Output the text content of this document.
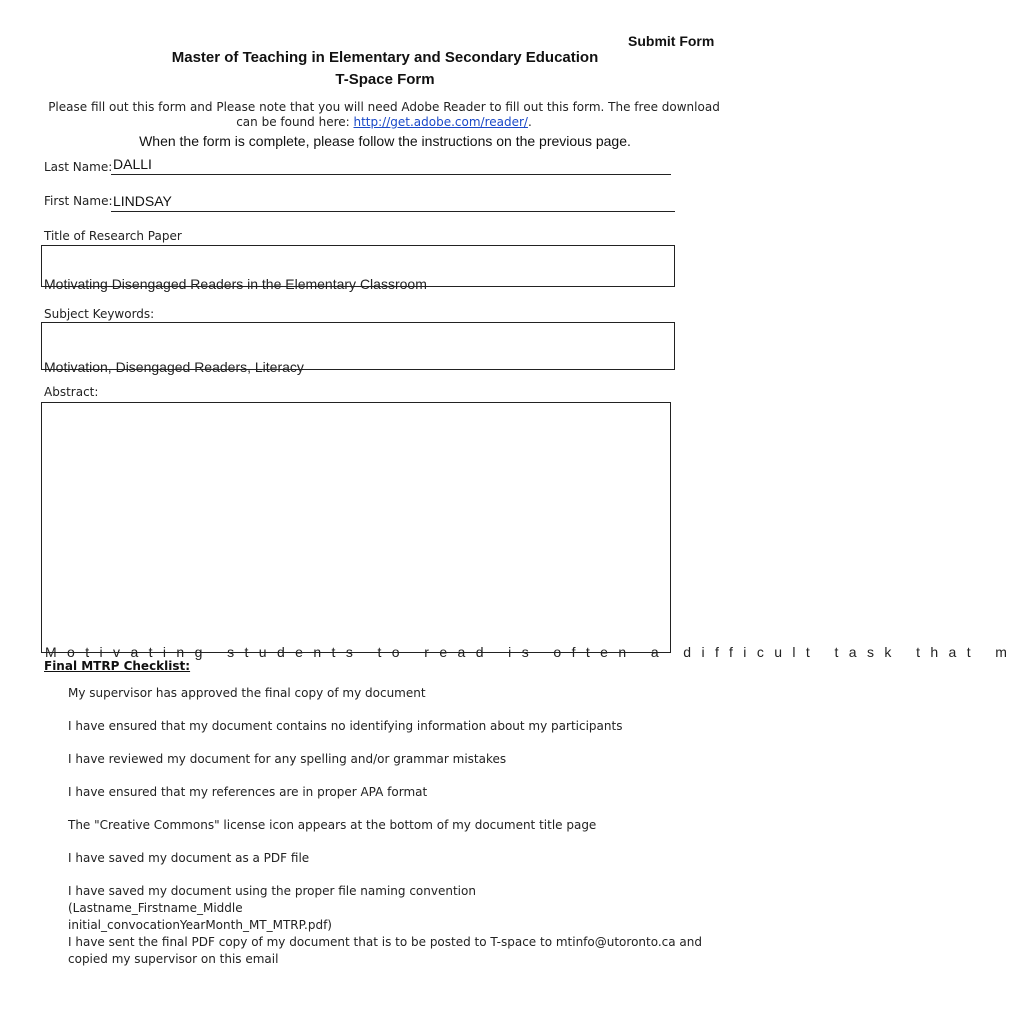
Submit Form
Master of Teaching in Elementary and Secondary Education
T-Space Form
Please fill out this form and Please note that you will need Adobe Reader to fill out this form. The free download can be found here: http://get.adobe.com/reader/.
When the form is complete, please follow the instructions on the previous page.
Last Name:
DALLI
First Name:
LINDSAY
Title of Research Paper
Motivating Disengaged Readers in the Elementary Classroom
Subject Keywords:
Motivation, Disengaged Readers, Literacy
Abstract:
Motivating students to read is often a difficult task that m
Final MTRP Checklist:
My supervisor has approved the final copy of my document
I have ensured that my document contains no identifying information about my participants
I have reviewed my document for any spelling and/or grammar mistakes
I have ensured that my references are in proper APA format
The "Creative Commons" license icon appears at the bottom of my document title page
I have saved my document as a PDF file
I have saved my document using the proper file naming convention (Lastname_Firstname_Middle initial_convocationYearMonth_MT_MTRP.pdf)
I have sent the final PDF copy of my document that is to be posted to T-space to mtinfo@utoronto.ca and copied my supervisor on this email
